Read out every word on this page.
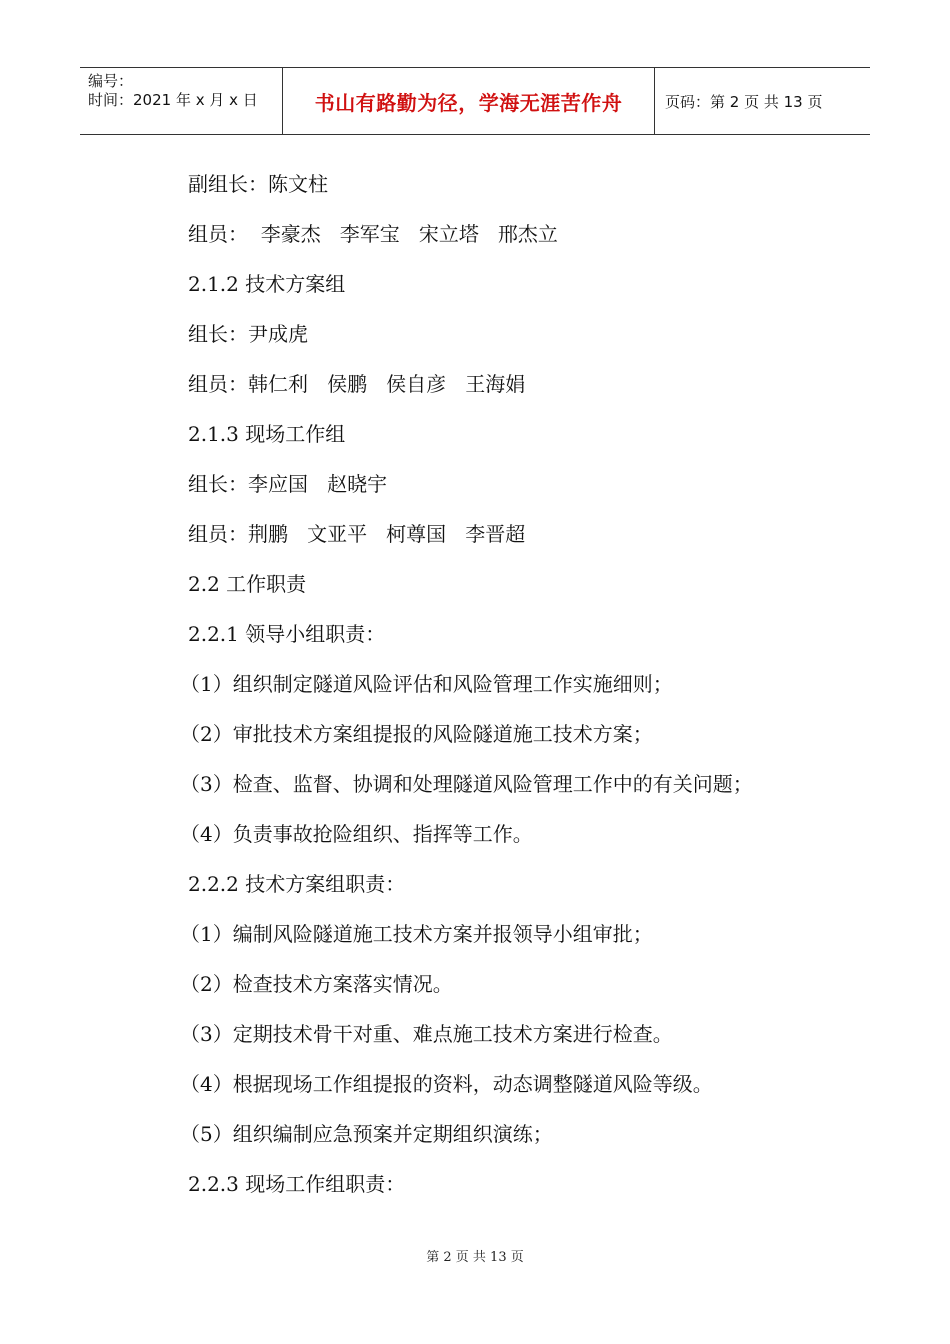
编号：
时间：2021 年 x 月 x 日	书山有路勤为径，学海无涯苦作舟	页码：第 2 页 共 13 页
副组长：陈文柱
组员：  李豪杰   李军宝   宋立塔   邢杰立
2.1.2 技术方案组
组长：尹成虎
组员：韩仁利   侯鹏   侯自彦   王海娟
2.1.3 现场工作组
组长：李应国   赵晓宇
组员：荆鹏   文亚平   柯尊国   李晋超
2.2 工作职责
2.2.1 领导小组职责：
（1）组织制定隧道风险评估和风险管理工作实施细则；
（2）审批技术方案组提报的风险隧道施工技术方案；
（3）检查、监督、协调和处理隧道风险管理工作中的有关问题；
（4）负责事故抢险组织、指挥等工作。
2.2.2 技术方案组职责：
（1）编制风险隧道施工技术方案并报领导小组审批；
（2）检查技术方案落实情况。
（3）定期技术骨干对重、难点施工技术方案进行检查。
（4）根据现场工作组提报的资料，动态调整隧道风险等级。
（5）组织编制应急预案并定期组织演练；
2.2.3 现场工作组职责：
第 2 页 共 13 页
